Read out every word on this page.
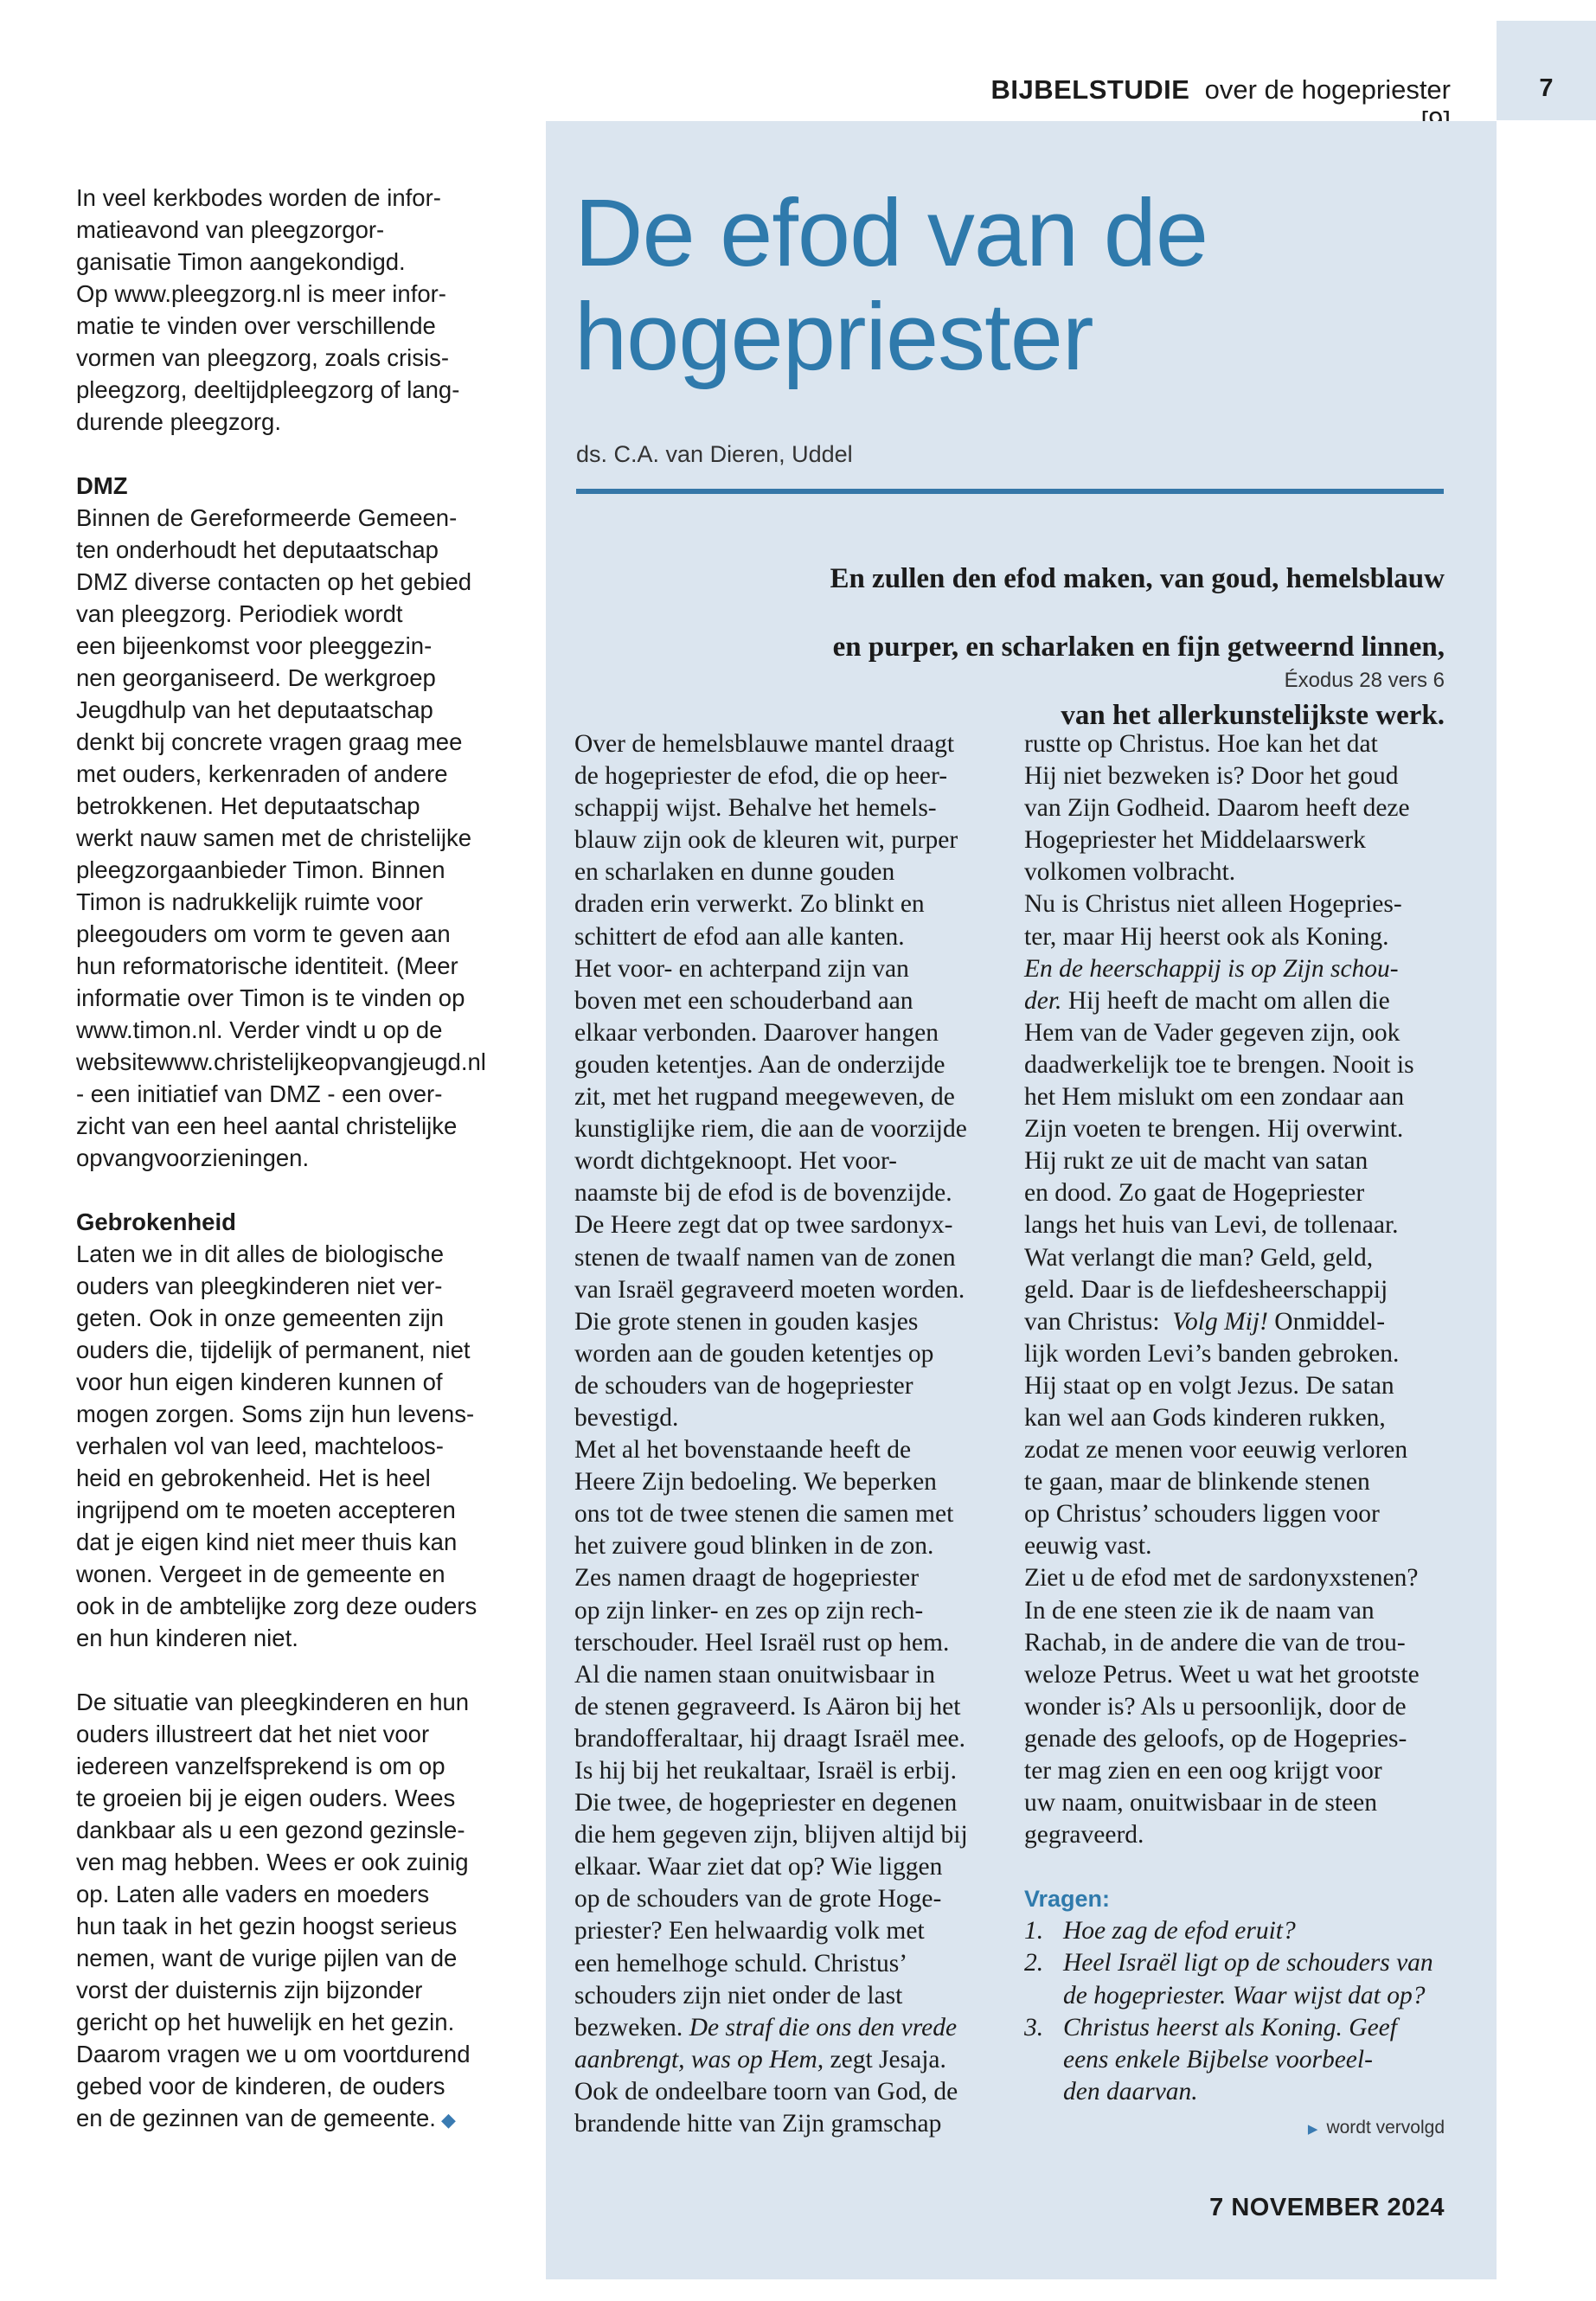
7
BIJBELSTUDIE over de hogepriester

In veel kerkbodes worden de infor-

matieavond van pleegzorgor-

ganisatie Timon aangekondigd.

Op www.pleegzorg.nl is meer infor-

matie te vinden over verschillende

vormen van pleegzorg, zoals crisis-

pleegzorg, deeltijdpleegzorg of lang-

durende pleegzorg.

DMZ

Binnen de Gereformeerde Gemeen-

ten onderhoudt het deputaatschap

DMZ diverse contacten op het gebied

van pleegzorg. Periodiek wordt

een bijeenkomst voor pleeggezin-

nen georganiseerd. De werkgroep

Jeugdhulp van het deputaatschap

denkt bij concrete vragen graag mee

met ouders, kerkenraden of andere

betrokkenen. Het deputaatschap

werkt nauw samen met de christelijke

pleegzorgaanbieder Timon. Binnen

Timon is nadrukkelijk ruimte voor

pleegouders om vorm te geven aan

hun reformatorische identiteit. (Meer

informatie over Timon is te vinden op

www.timon.nl. Verder vindt u op de

websitewww.christelijkeopvangjeugd.nl

- een initiatief van DMZ - een over-

zicht van een heel aantal christelijke

opvangvoorzieningen.

Gebrokenheid

Laten we in dit alles de biologische

ouders van pleegkinderen niet ver-

geten. Ook in onze gemeenten zijn

ouders die, tijdelijk of permanent, niet

voor hun eigen kinderen kunnen of

mogen zorgen. Soms zijn hun levens-

verhalen vol van leed, machteloos-

heid en gebrokenheid. Het is heel

ingrijpend om te moeten accepteren

dat je eigen kind niet meer thuis kan

wonen. Vergeet in de gemeente en

ook in de ambtelijke zorg deze ouders

en hun kinderen niet.

De situatie van pleegkinderen en hun

ouders illustreert dat het niet voor

iedereen vanzelfsprekend is om op

te groeien bij je eigen ouders. Wees

dankbaar als u een gezond gezinsle-

ven mag hebben. Wees er ook zuinig

op. Laten alle vaders en moeders

hun taak in het gezin hoogst serieus

nemen, want de vurige pijlen van de

vorst der duisternis zijn bijzonder

gericht op het huwelijk en het gezin.

Daarom vragen we u om voortdurend

gebed voor de kinderen, de ouders

en de gezinnen van de gemeente. ◆

De efod van de
hogepriester
ds. C.A. van Dieren, Uddel

En zullen den efod maken, van goud, hemelsblauw

en purper, en scharlaken en fijn getweernd linnen,

van het allerkunstelijkste werk.

Éxodus 28 vers 6

Over de hemelsblauwe mantel draagt

de hogepriester de efod, die op heer-

schappij wijst. Behalve het hemels-

blauw zijn ook de kleuren wit, purper

en scharlaken en dunne gouden

draden erin verwerkt. Zo blinkt en

schittert de efod aan alle kanten.

Het voor- en achterpand zijn van

boven met een schouderband aan

elkaar verbonden. Daarover hangen

gouden ketentjes. Aan de onderzijde

zit, met het rugpand meegeweven, de

kunstiglijke riem, die aan de voorzijde

wordt dichtgeknoopt. Het voor-

naamste bij de efod is de bovenzijde.

De Heere zegt dat op twee sardonyx-

stenen de twaalf namen van de zonen

van Israël gegraveerd moeten worden.

Die grote stenen in gouden kasjes

worden aan de gouden ketentjes op

de schouders van de hogepriester

bevestigd.

Met al het bovenstaande heeft de

Heere Zijn bedoeling. We beperken

ons tot de twee stenen die samen met

het zuivere goud blinken in de zon.

Zes namen draagt de hogepriester

op zijn linker- en zes op zijn rech-

terschouder. Heel Israël rust op hem.

Al die namen staan onuitwisbaar in

de stenen gegraveerd. Is Aäron bij het

brandofferaltaar, hij draagt Israël mee.

Is hij bij het reukaltaar, Israël is erbij.

Die twee, de hogepriester en degenen

die hem gegeven zijn, blijven altijd bij

elkaar. Waar ziet dat op? Wie liggen

op de schouders van de grote Hoge-

priester? Een helwaardig volk met

een hemelhoge schuld. Christus’

schouders zijn niet onder de last

bezweken. De straf die ons den vrede

aanbrengt, was op Hem, zegt Jesaja.

Ook de ondeelbare toorn van God, de

brandende hitte van Zijn gramschap

rustte op Christus. Hoe kan het dat

Hij niet bezweken is? Door het goud

van Zijn Godheid. Daarom heeft deze

Hogepriester het Middelaarswerk

volkomen volbracht.

Nu is Christus niet alleen Hogepries-

ter, maar Hij heerst ook als Koning.

En de heerschappij is op Zijn schou-

der. Hij heeft de macht om allen die

Hem van de Vader gegeven zijn, ook

daadwerkelijk toe te brengen. Nooit is

het Hem mislukt om een zondaar aan

Zijn voeten te brengen. Hij overwint.

Hij rukt ze uit de macht van satan

en dood. Zo gaat de Hogepriester

langs het huis van Levi, de tollenaar.

Wat verlangt die man? Geld, geld,

geld. Daar is de liefdesheerschappij

van Christus: Volg Mij! Onmiddel-

lijk worden Levi’s banden gebroken.

Hij staat op en volgt Jezus. De satan

kan wel aan Gods kinderen rukken,

zodat ze menen voor eeuwig verloren

te gaan, maar de blinkende stenen

op Christus’ schouders liggen voor

eeuwig vast.

Ziet u de efod met de sardonyxstenen?

In de ene steen zie ik de naam van

Rachab, in de andere die van de trou-

weloze Petrus. Weet u wat het grootste

wonder is? Als u persoonlijk, door de

genade des geloofs, op de Hogepries-

ter mag zien en een oog krijgt voor

uw naam, onuitwisbaar in de steen

gegraveerd.

Vragen:

1. Hoe zag de efod eruit?
2. Heel Israël ligt op de schouders van
de hogepriester. Waar wijst dat op?
3. Christus heerst als Koning. Geef
eens enkele Bijbelse voorbeel-
den daarvan.
▶ wordt vervolgd
7 NOVEMBER 2024
